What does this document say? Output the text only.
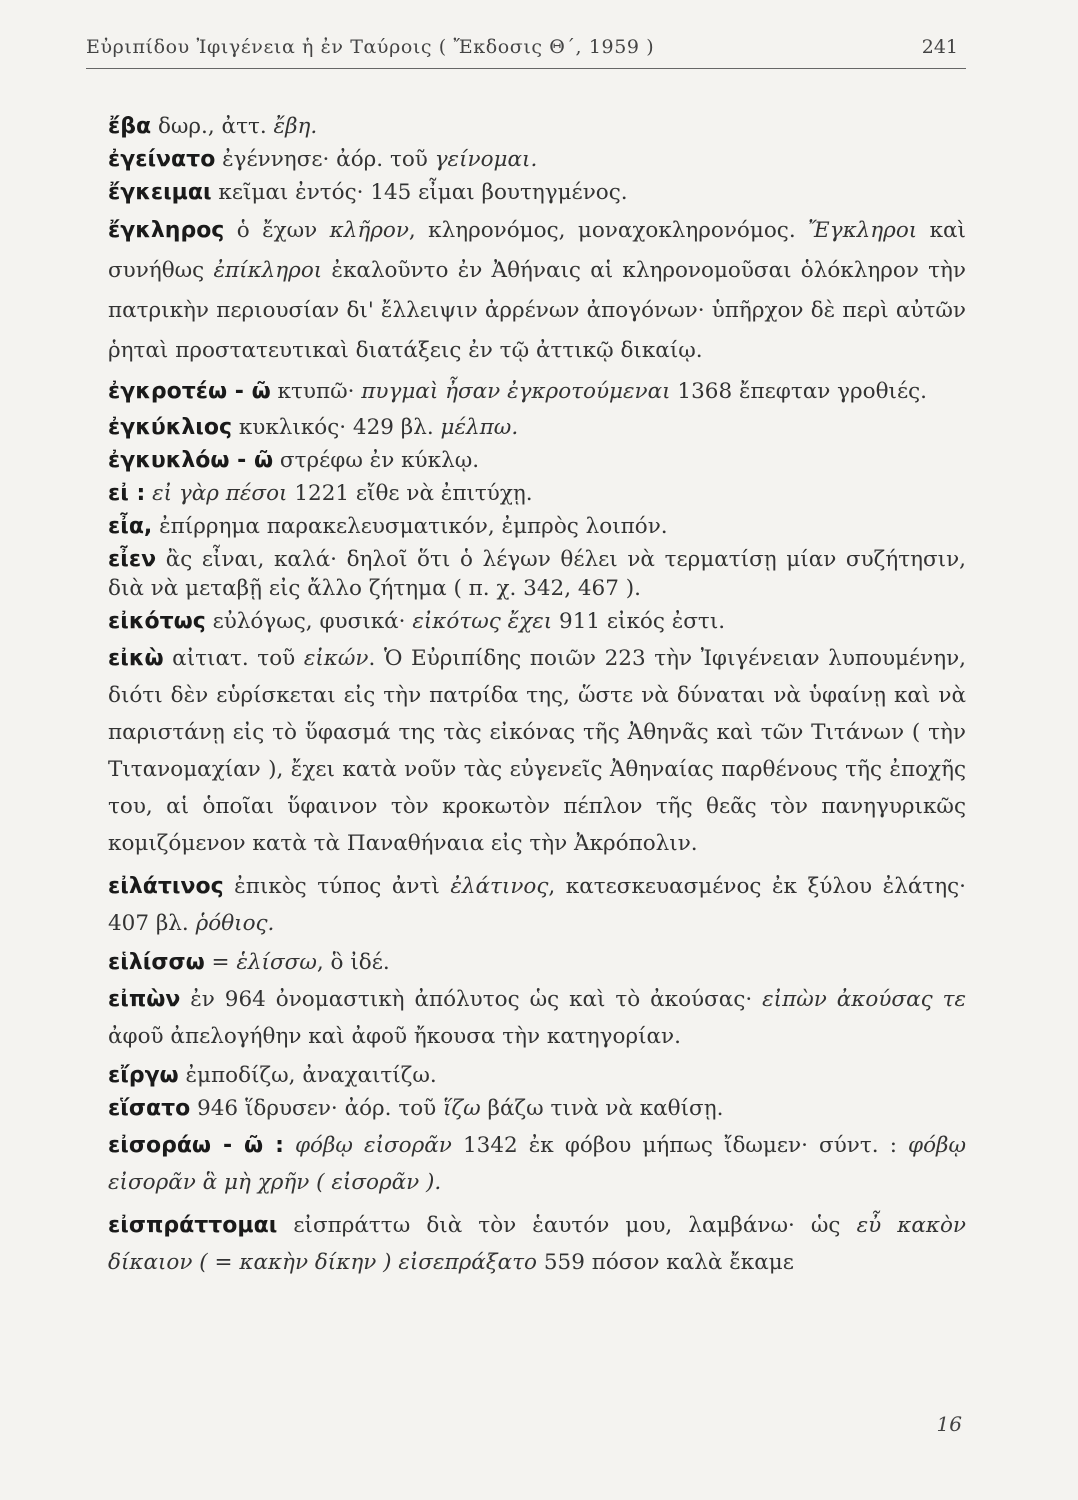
Εὐριπίδου Ἰφιγένεια ἡ ἐν Ταύροις ( Ἔκδοσις Θ΄, 1959 )	241

ἔβα δωρ., ἀττ. ἔβη.

ἐγείνατο ἐγέννησε· ἀόρ. τοῦ γείνομαι.

ἔγκειμαι κεῖμαι ἐντός· 145 εἶμαι βουτηγμένος.

ἔγκληρος ὁ ἔχων κλῆρον, κληρονόμος, μοναχοκληρονόμος. Ἔγκληροι καὶ συνήθως ἐπίκληροι ἐκαλοῦντο ἐν Ἀθήναις αἱ κληρονομοῦσαι ὁλόκληρον τὴν πατρικὴν περιουσίαν δι' ἔλλειψιν ἀρρένων ἀπογόνων· ὑπῆρχον δὲ περὶ αὐτῶν ῥηταὶ προστατευτικαὶ διατάξεις ἐν τῷ ἀττικῷ δικαίῳ.

ἐγκροτέω - ῶ κτυπῶ· πυγμαὶ ἦσαν ἐγκροτούμεναι 1368 ἔπεφταν γροθιές.

ἐγκύκλιος κυκλικός· 429 βλ. μέλπω.

ἐγκυκλόω - ῶ στρέφω ἐν κύκλῳ.

εἰ : εἰ γὰρ πέσοι 1221 εἴθε νὰ ἐπιτύχῃ.

εἶα, ἐπίρρημα παρακελευσματικόν, ἐμπρὸς λοιπόν.

εἶεν ἂς εἶναι, καλά· δηλοῖ ὅτι ὁ λέγων θέλει νὰ τερματίσῃ μίαν συζήτησιν, διὰ νὰ μεταβῇ εἰς ἄλλο ζήτημα ( π. χ. 342, 467 ).

εἰκότως εὐλόγως, φυσικά· εἰκότως ἔχει 911 εἰκός ἐστι.

εἰκὼ αἰτιατ. τοῦ εἰκών. Ὁ Εὐριπίδης ποιῶν 223 τὴν Ἰφιγένειαν λυπουμένην, διότι δὲν εὑρίσκεται εἰς τὴν πατρίδα της, ὥστε νὰ δύναται νὰ ὑφαίνῃ καὶ νὰ παριστάνῃ εἰς τὸ ὕφασμά της τὰς εἰκόνας τῆς Ἀθηνᾶς καὶ τῶν Τιτάνων ( τὴν Τιτανομαχίαν ), ἔχει κατὰ νοῦν τὰς εὐγενεῖς Ἀθηναίας παρθένους τῆς ἐποχῆς του, αἱ ὁποῖαι ὕφαινον τὸν κροκωτὸν πέπλον τῆς θεᾶς τὸν πανηγυρικῶς κομιζόμενον κατὰ τὰ Παναθήναια εἰς τὴν Ἀκρόπολιν.

εἰλάτινος ἐπικὸς τύπος ἀντὶ ἐλάτινος, κατεσκευασμένος ἐκ ξύλου ἐλάτης· 407 βλ. ῥόθιος.

εἱλίσσω = ἑλίσσω, ὃ ἰδέ.

εἰπὼν ἐν 964 ὀνομαστικὴ ἀπόλυτος ὡς καὶ τὸ ἀκούσας· εἰπὼν ἀκούσας τε ἀφοῦ ἀπελογήθην καὶ ἀφοῦ ἤκουσα τὴν κατηγορίαν.

εἴργω ἐμποδίζω, ἀναχαιτίζω.

εἵσατο 946 ἵδρυσεν· ἀόρ. τοῦ ἵζω βάζω τινὰ νὰ καθίσῃ.

εἰσοράω - ῶ : φόβῳ εἰσορᾶν 1342 ἐκ φόβου μήπως ἴδωμεν· σύντ. : φόβῳ εἰσορᾶν ἃ μὴ χρῆν ( εἰσορᾶν ).

εἰσπράττομαι εἰσπράττω διὰ τὸν ἑαυτόν μου, λαμβάνω· ὡς εὖ κακὸν δίκαιον ( = κακὴν δίκην ) εἰσεπράξατο 559 πόσον καλὰ ἔκαμε

16
